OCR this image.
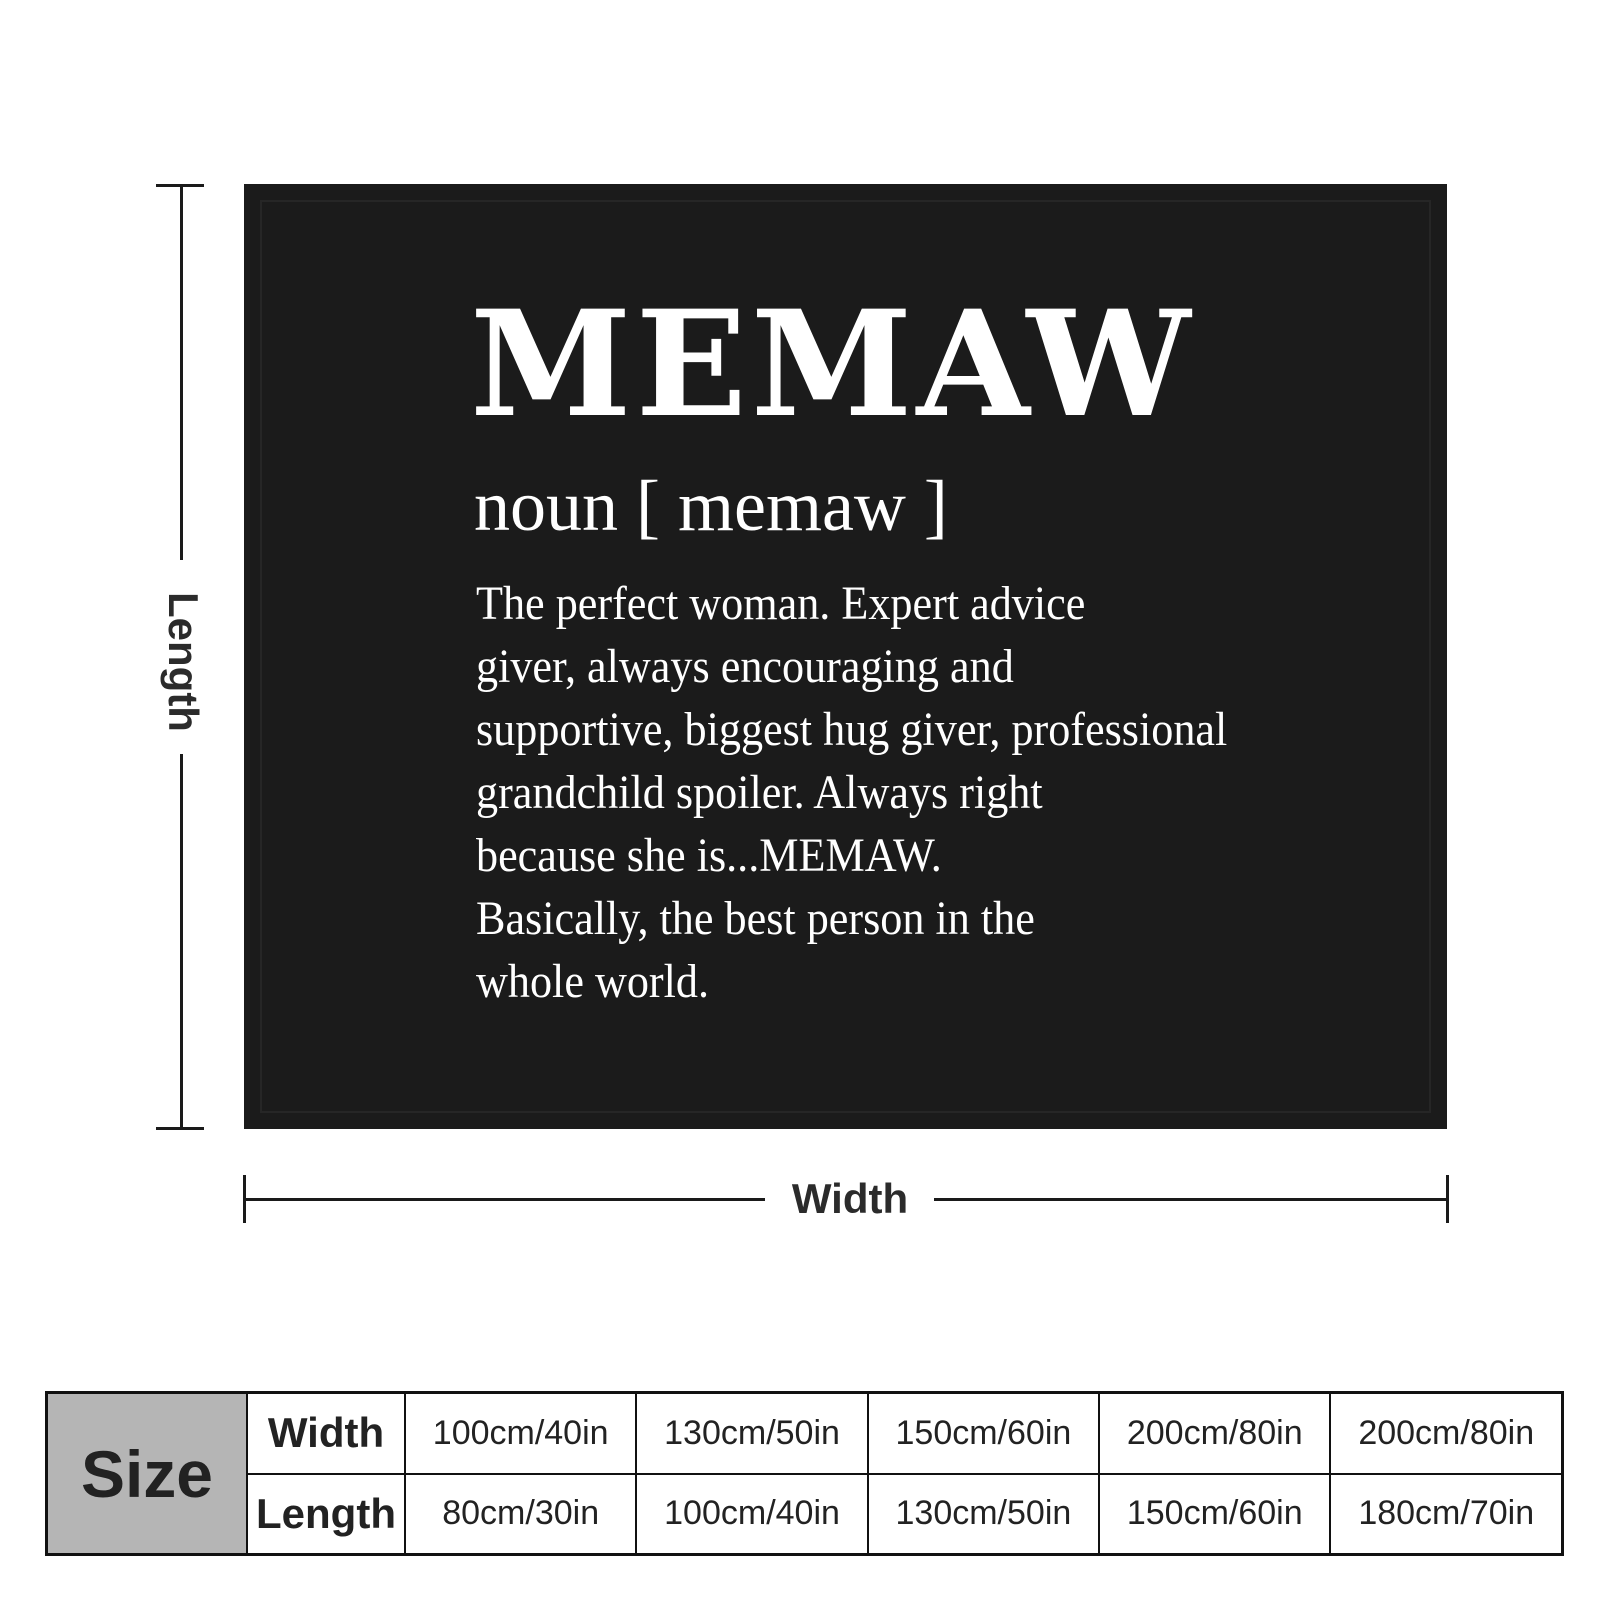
Length
MEMAW
noun [ memaw ]
The perfect woman. Expert advice
giver, always encouraging and
supportive, biggest hug giver, professional
grandchild spoiler. Always right
because she is...MEMAW.
Basically, the best person in the
whole world.
Width
Size	Width	100cm/40in	130cm/50in	150cm/60in	200cm/80in	200cm/80in
	Length	80cm/30in	100cm/40in	130cm/50in	150cm/60in	180cm/70in
